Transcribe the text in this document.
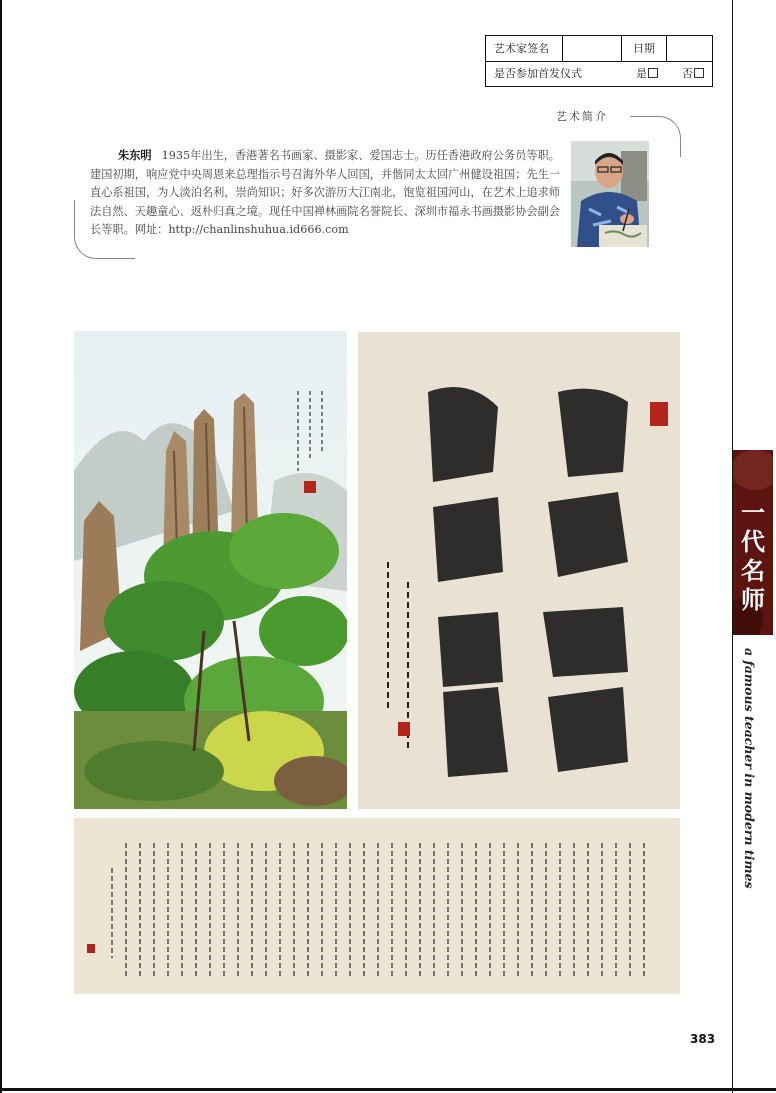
艺术家签名	日期
是否参加首发仪式	是	否
艺术简介
朱东明 1935年出生，香港著名书画家、摄影家、爱国志士。历任香港政府公务员等职。建国初期，响应党中央周恩来总理指示号召海外华人回国，并偕同太太回广州健设祖国；先生一直心系祖国，为人淡泊名利，崇尚知识；好多次游历大江南北，饱览祖国河山，在艺术上追求师法自然、天趣童心、返朴归真之境。现任中国禅林画院名誉院长、深圳市福永书画摄影协会副会长等职。网址：http://chanlinshuhua.id666.com
一
代
名
师
a famous teacher in modern times
383
